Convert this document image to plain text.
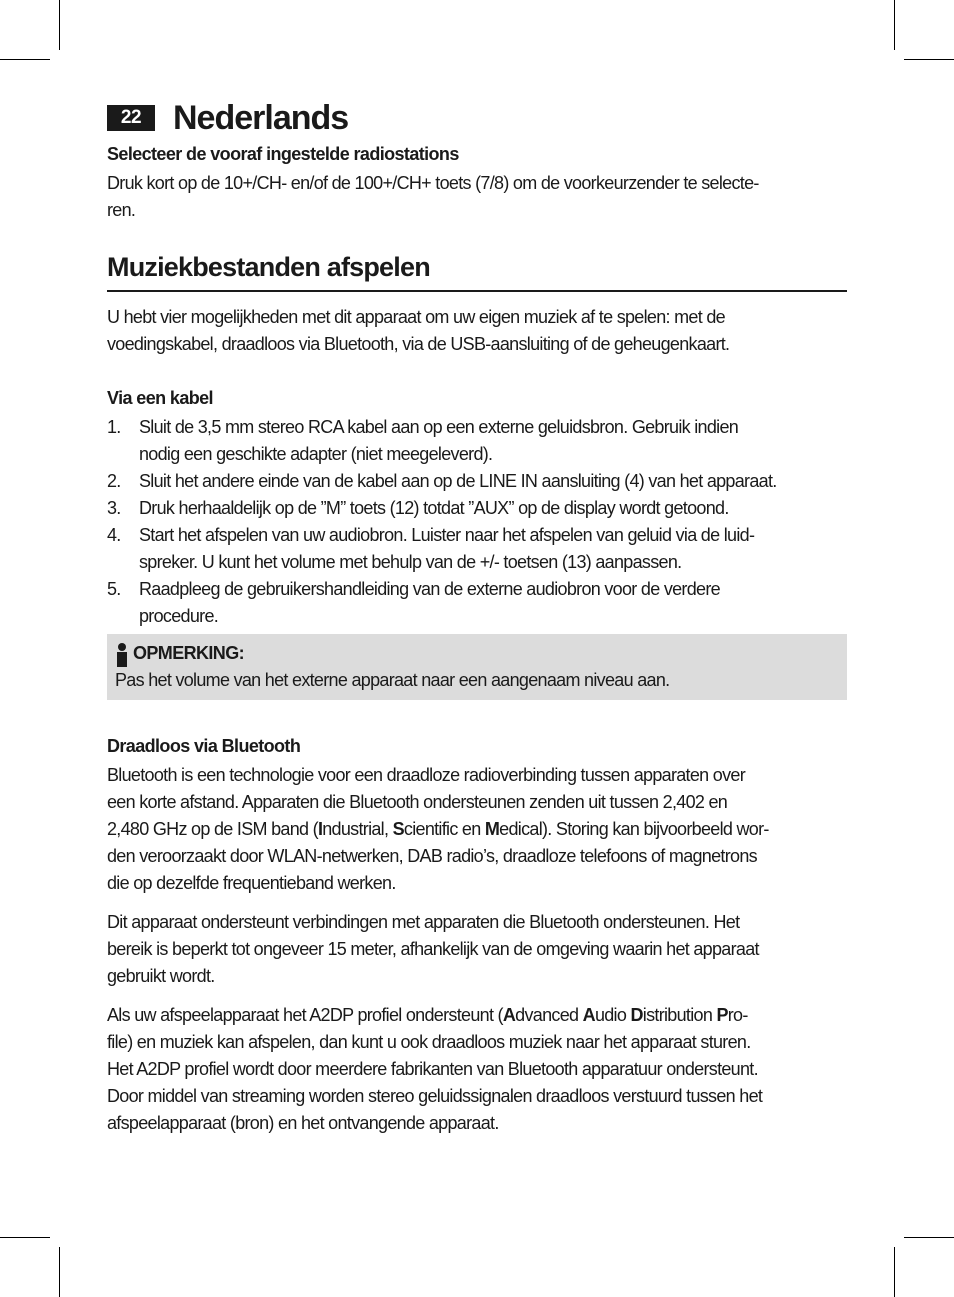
22 Nederlands
Selecteer de vooraf ingestelde radiostations
Druk kort op de 10+/CH- en/of de 100+/CH+ toets (7/8) om de voorkeurzender te selecte-
ren.
Muziekbestanden afspelen
U hebt vier mogelijkheden met dit apparaat om uw eigen muziek af te spelen: met de
voedingskabel, draadloos via Bluetooth, via de USB-aansluiting of de geheugenkaart.
Via een kabel
1.	Sluit de 3,5 mm stereo RCA kabel aan op een externe geluidsbron. Gebruik indien
nodig een geschikte adapter (niet meegeleverd).
2.	Sluit het andere einde van de kabel aan op de LINE IN aansluiting (4) van het apparaat.
3.	Druk herhaaldelijk op de ”M” toets (12) totdat ”AUX” op de display wordt getoond.
4.	Start het afspelen van uw audiobron. Luister naar het afspelen van geluid via de luid-
spreker. U kunt het volume met behulp van de +/- toetsen (13) aanpassen.
5.	Raadpleeg de gebruikershandleiding van de externe audiobron voor de verdere
procedure.
OPMERKING:
Pas het volume van het externe apparaat naar een aangenaam niveau aan.
Draadloos via Bluetooth
Bluetooth is een technologie voor een draadloze radioverbinding tussen apparaten over
een korte afstand. Apparaten die Bluetooth ondersteunen zenden uit tussen 2,402 en
2,480 GHz op de ISM band (Industrial, Scientific en Medical). Storing kan bijvoorbeeld wor-
den veroorzaakt door WLAN-netwerken, DAB radio’s, draadloze telefoons of magnetrons
die op dezelfde frequentieband werken.
Dit apparaat ondersteunt verbindingen met apparaten die Bluetooth ondersteunen. Het
bereik is beperkt tot ongeveer 15 meter, afhankelijk van de omgeving waarin het apparaat
gebruikt wordt.
Als uw afspeelapparaat het A2DP profiel ondersteunt (Advanced Audio Distribution Pro-
file) en muziek kan afspelen, dan kunt u ook draadloos muziek naar het apparaat sturen.
Het A2DP profiel wordt door meerdere fabrikanten van Bluetooth apparatuur ondersteunt.
Door middel van streaming worden stereo geluidssignalen draadloos verstuurd tussen het
afspeelapparaat (bron) en het ontvangende apparaat.
